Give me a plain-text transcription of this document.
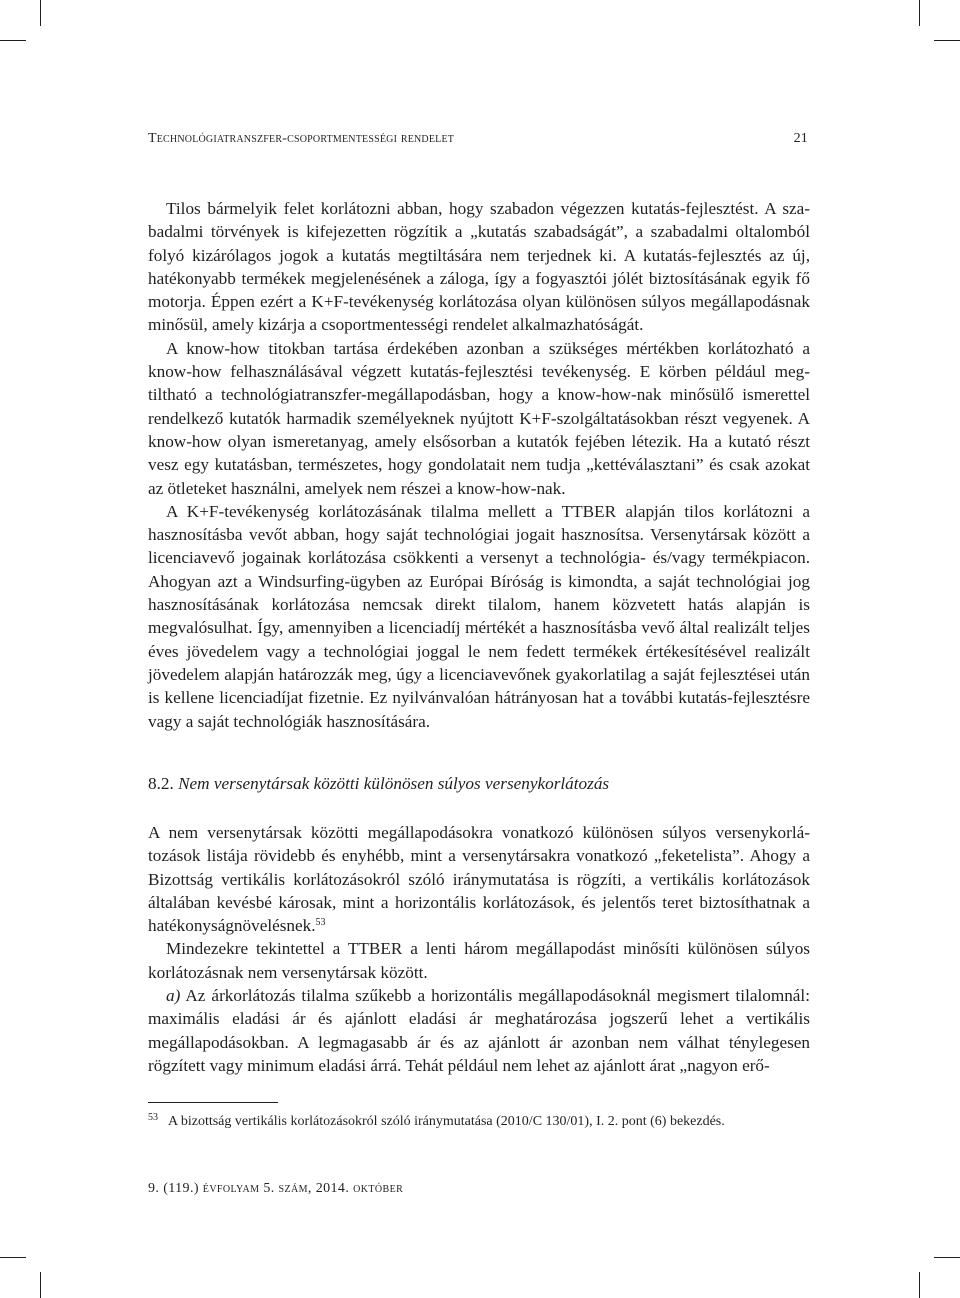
Technológiatranszfer-csoportmentességi rendelet	21

Tilos bármelyik felet korlátozni abban, hogy szabadon végezzen kutatás-fejlesztést. A szabadalmi törvények is kifejezetten rögzítik a „kutatás szabadságát”, a szabadalmi oltalomból folyó kizárólagos jogok a kutatás megtiltására nem terjednek ki. A kutatás-fejlesztés az új, hatékonyabb termékek megjelenésének a záloga, így a fogyasztói jólét biztosításának egyik fő motorja. Éppen ezért a K+F-tevékenység korlátozása olyan különösen súlyos megállapodásnak minősül, amely kizárja a csoportmentességi rendelet alkalmazhatóságát.

A know-how titokban tartása érdekében azonban a szükséges mértékben korlátozható a know-how felhasználásával végzett kutatás-fejlesztési tevékenység. E körben például megtiltható a technológiatranszfer-megállapodásban, hogy a know-how-nak minősülő ismerettel rendelkező kutatók harmadik személyeknek nyújtott K+F-szolgáltatásokban részt vegyenek. A know-how olyan ismeretanyag, amely elsősorban a kutatók fejében létezik. Ha a kutató részt vesz egy kutatásban, természetes, hogy gondolatait nem tudja „kettéválasztani” és csak azokat az ötleteket használni, amelyek nem részei a know-how-nak.

A K+F-tevékenység korlátozásának tilalma mellett a TTBER alapján tilos korlátozni a hasznosításba vevőt abban, hogy saját technológiai jogait hasznosítsa. Versenytársak között a licenciavevő jogainak korlátozása csökkenti a versenyt a technológia- és/vagy termékpiacon. Ahogyan azt a Windsurfing-ügyben az Európai Bíróság is kimondta, a saját technológiai jog hasznosításának korlátozása nemcsak direkt tilalom, hanem közvetett hatás alapján is megvalósulhat. Így, amennyiben a licenciadíj mértékét a hasznosításba vevő által realizált teljes éves jövedelem vagy a technológiai joggal le nem fedett termékek értékesítésével realizált jövedelem alapján határozzák meg, úgy a licenciavevőnek gyakorlatilag a saját fejlesztései után is kellene licenciadíjat fizetnie. Ez nyilvánvalóan hátrányosan hat a további kutatás-fejlesztésre vagy a saját technológiák hasznosítására.

8.2. Nem versenytársak közötti különösen súlyos versenykorlátozás

A nem versenytársak közötti megállapodásokra vonatkozó különösen súlyos versenykorlátozások listája rövidebb és enyhébb, mint a versenytársakra vonatkozó „feketelista”. Ahogy a Bizottság vertikális korlátozásokról szóló iránymutatása is rögzíti, a vertikális korlátozások általában kevésbé károsak, mint a horizontális korlátozások, és jelentős teret biztosíthatnak a hatékonyságnövelésnek.$^{53}$

Mindezekre tekintettel a TTBER a lenti három megállapodást minősíti különösen súlyos korlátozásnak nem versenytársak között.

a) Az árkorlátozás tilalma szűkebb a horizontális megállapodásoknál megismert tilalomnál: maximális eladási ár és ajánlott eladási ár meghatározása jogszerű lehet a vertikális megállapodásokban. A legmagasabb ár és az ajánlott ár azonban nem válhat ténylegesen rögzített vagy minimum eladási árrá. Tehát például nem lehet az ajánlott árat „nagyon erő-

$^{53}$ A bizottság vertikális korlátozásokról szóló iránymutatása (2010/C 130/01), I. 2. pont (6) bekezdés.
9. (119.) évfolyam 5. szám, 2014. október
